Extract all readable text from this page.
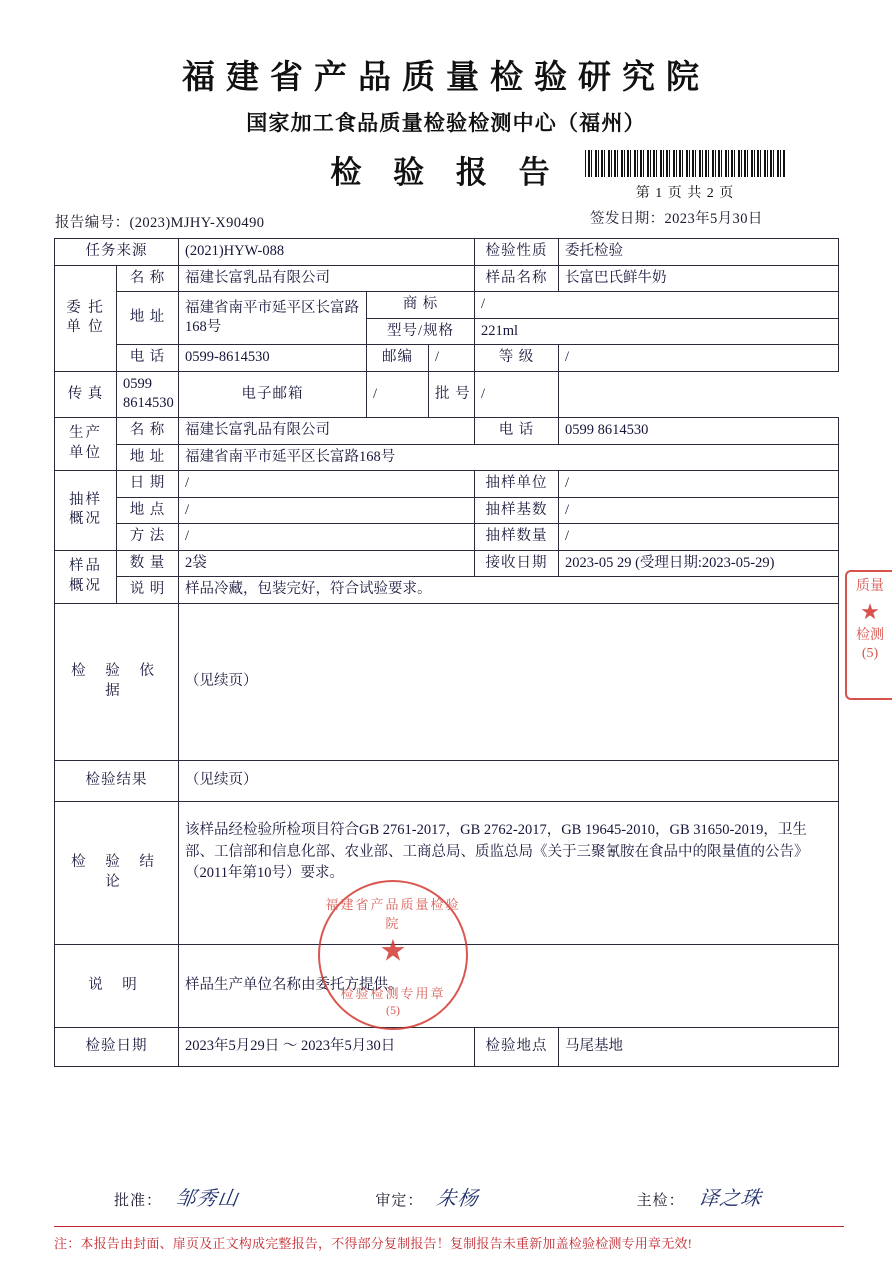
福建省产品质量检验研究院
国家加工食品质量检验检测中心（福州）
检 验 报 告
第 1 页 共 2 页
报告编号：(2023)MJHY-X90490	签发日期：2023年5月30日
任务来源		(2021)HYW-088			检验性质	委托检验
委 托 单 位	名 称	福建长富乳品有限公司			样品名称	长富巴氏鲜牛奶
	地 址	福建省南平市延平区长富路168号	商 标		/	
			型号/规格		221ml	
	电 话	0599-8614530	邮编	/	等 级	/
传 真	0599 8614530	电子邮箱	/	批 号	/	
生产单位	名 称	福建长富乳品有限公司			电 话	0599 8614530
	地 址	福建省南平市延平区长富路168号				
抽样概况	日 期	/			抽样单位	/
	地 点	/			抽样基数	/
	方 法	/			抽样数量	/
样品概况	数 量	2袋			接收日期	2023-05 29 (受理日期:2023-05-29)
	说 明	样品冷藏，包装完好，符合试验要求。				
检 验 依 据		（见续页）				
检验结果		（见续页）				
检 验 结 论		该样品经检验所检项目符合GB 2761-2017，GB 2762-2017，GB 19645-2010，GB 31650-2019，卫生部、工信部和信息化部、农业部、工商总局、质监总局《关于三聚氰胺在食品中的限量值的公告》（2011年第10号）要求。				
说 明		样品生产单位名称由委托方提供。				
检验日期		2023年5月29日 ～ 2023年5月30日			检验地点	马尾基地
批准： 邹秀山	审定： 朱杨	主检： 译之珠
注：本报告由封面、扉页及正文构成完整报告，不得部分复制报告！复制报告未重新加盖检验检测专用章无效!
福建省产品质量检验院
★
检验检测专用章
(5)
质量
★
检测
(5)
